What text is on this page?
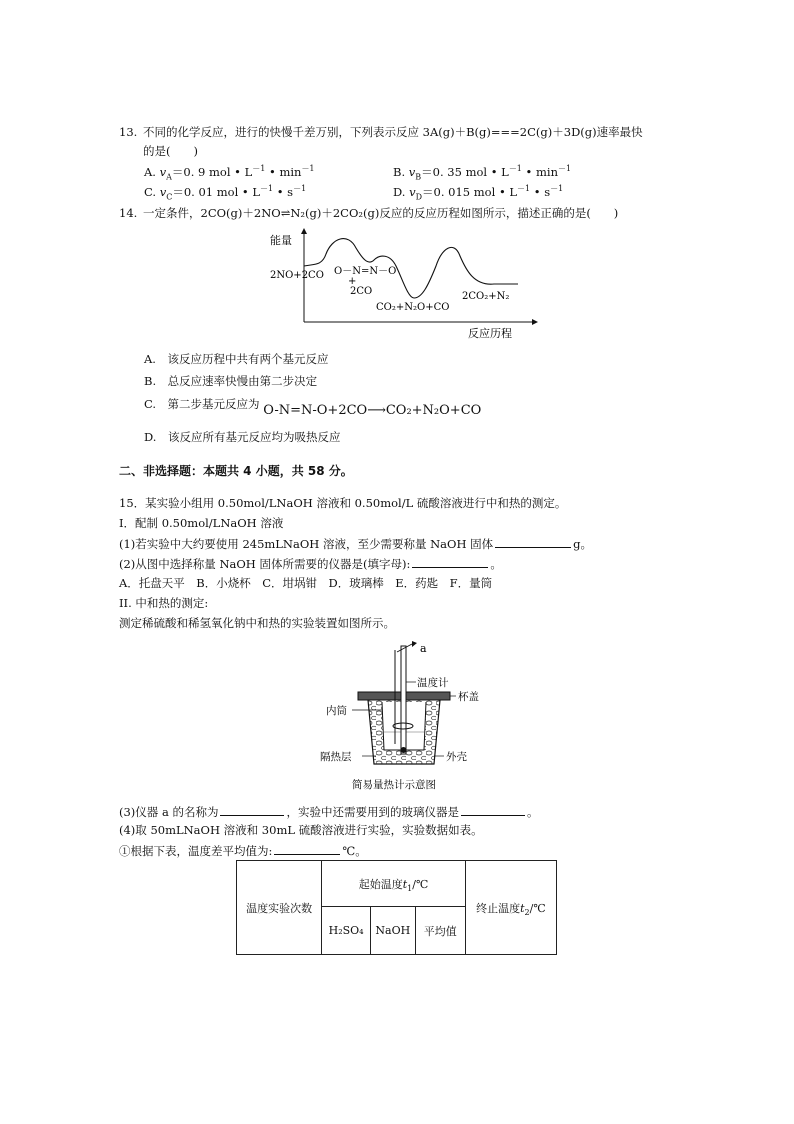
13. 不同的化学反应，进行的快慢千差万别，下列表示反应 3A(g)＋B(g)===2C(g)＋3D(g)速率最快
的是(　　)
A. $v_A=0$. 9 mol • $L^{-1}$ • $\min^{-1}$	B. $v_B=0$. 35 mol • $L^{-1}$ • $\min^{-1}$
C. $v_C=0$. 01 mol • $L^{-1}$ • $s^{-1}$	D. $v_D=0$. 015 mol • $L^{-1}$ • $s^{-1}$
14. 一定条件，2CO(g)＋2NO⇌N₂(g)＋2CO₂(g)反应的反应历程如图所示，描述正确的是(　　)
能量
反应历程
2NO+2CO O－N=N－O
+
2CO
CO₂+N₂O+CO
2CO₂+N₂
A.　 该反应历程中共有两个基元反应
B.　 总反应速率快慢由第二步决定
C.　 第二步基元反应为 O-N=N-O+2CO⟶CO₂+N₂O+CO
D.　 该反应所有基元反应均为吸热反应
二、非选择题：本题共 4 小题，共 58 分。
15．某实验小组用 0.50mol/LNaOH 溶液和 0.50mol/L 硫酸溶液进行中和热的测定。
I．配制 0.50mol/LNaOH 溶液
(1)若实验中大约要使用 245mLNaOH 溶液，至少需要称量 NaOH 固体	g。
(2)从图中选择称量 NaOH 固体所需要的仪器是(填字母):	。
A．托盘天平　B．小烧杯　C．坩埚钳　D．玻璃棒　E．药匙　F．量筒
II. 中和热的测定:
测定稀硫酸和稀氢氧化钠中和热的实验装置如图所示。
a
温度计
杯盖
内筒
隔热层	外壳
简易量热计示意图
(3)仪器 a 的名称为	，实验中还需要用到的玻璃仪器是	。
(4)取 50mLNaOH 溶液和 30mL 硫酸溶液进行实验，实验数据如表。
①根据下表，温度差平均值为:	℃。
温度实验次数	起始温度$t_1/℃$			终止温度$t_2/℃$
	H₂SO₄	NaOH	平均值	
